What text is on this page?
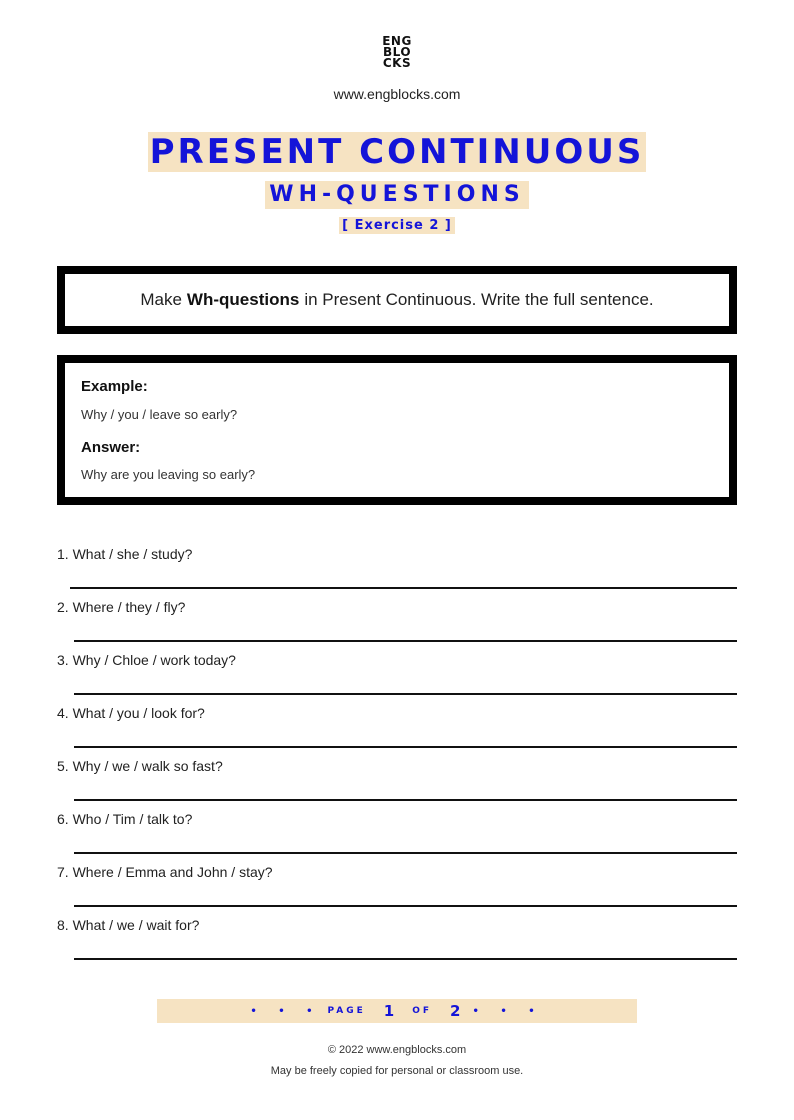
ENG
BLO
CKS
www.engblocks.com
PRESENT CONTINUOUS
WH-QUESTIONS
[ Exercise 2 ]
Make Wh-questions in Present Continuous. Write the full sentence.
Example:
Why / you / leave so early?
Answer:
Why are you leaving so early?
1. What / she / study?
2. Where / they / fly?
3. Why / Chloe / work today?
4. What / you / look for?
5. Why / we / walk so fast?
6. Who / Tim / talk to?
7. Where / Emma and John / stay?
8. What / we / wait for?
• • • PAGE 1 OF 2 • • •
© 2022 www.engblocks.com
May be freely copied for personal or classroom use.
